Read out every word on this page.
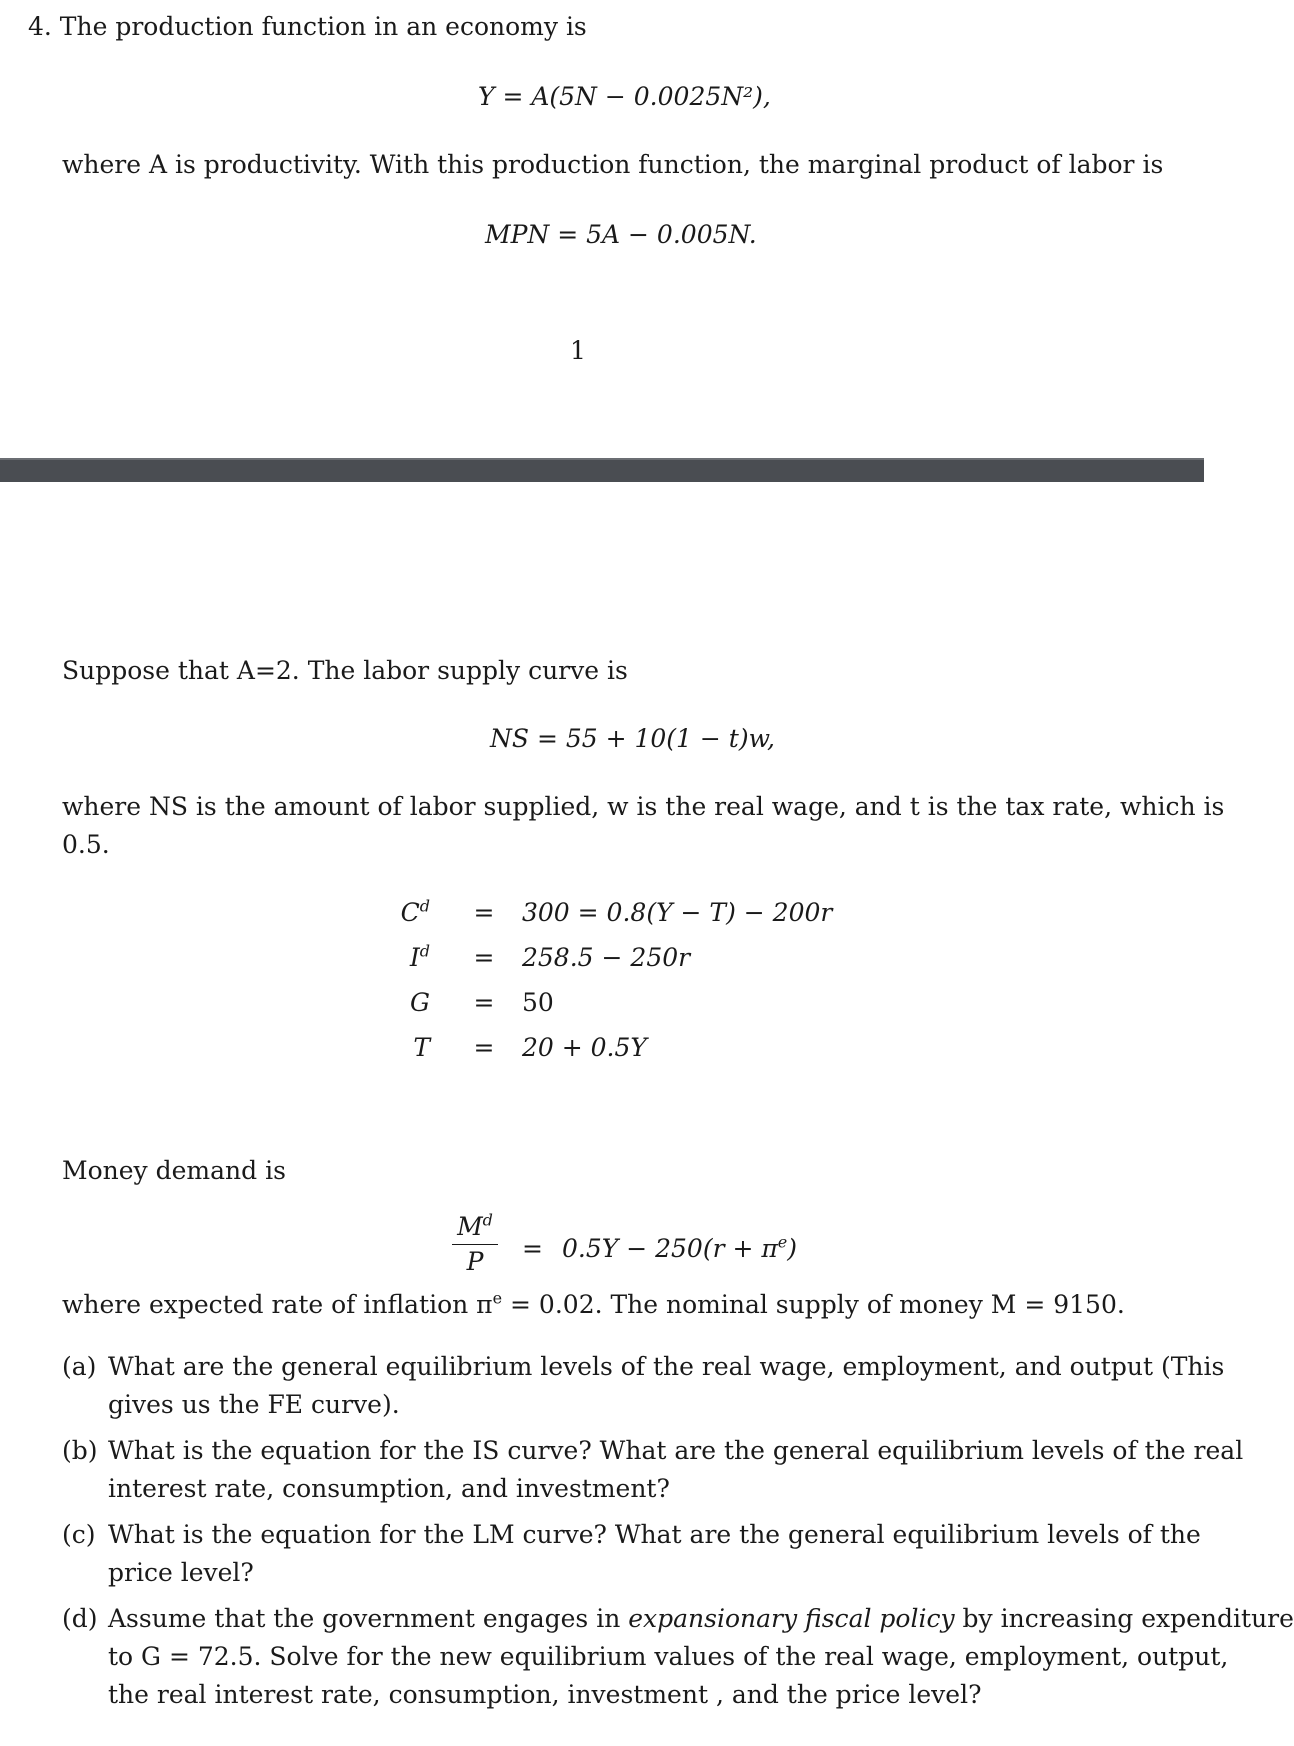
4. The production function in an economy is
Y = A(5N − 0.0025N²),
where A is productivity. With this production function, the marginal product of labor is
MPN = 5A − 0.005N.
1
Suppose that A=2. The labor supply curve is
NS = 55 + 10(1 − t)w,
where NS is the amount of labor supplied, w is the real wage, and t is the tax rate, which is
0.5.
$C^d = 300 = 0.8(Y - T) - 200r$
$I^d = 258.5 - 250r$
G = 50
T = 20 + 0.5Y
Money demand is
$M^d$
P	= $0.5Y - 250(r + \pi^e)$
where expected rate of inflation $\pi^e = 0.02$. The nominal supply of money M = 9150.
(a) What are the general equilibrium levels of the real wage, employment, and output (This
gives us the FE curve).
(b) What is the equation for the IS curve? What are the general equilibrium levels of the real
interest rate, consumption, and investment?
(c) What is the equation for the LM curve? What are the general equilibrium levels of the
price level?
(d) Assume that the government engages in expansionary fiscal policy by increasing expenditure
to G = 72.5. Solve for the new equilibrium values of the real wage, employment, output,
the real interest rate, consumption, investment , and the price level?
